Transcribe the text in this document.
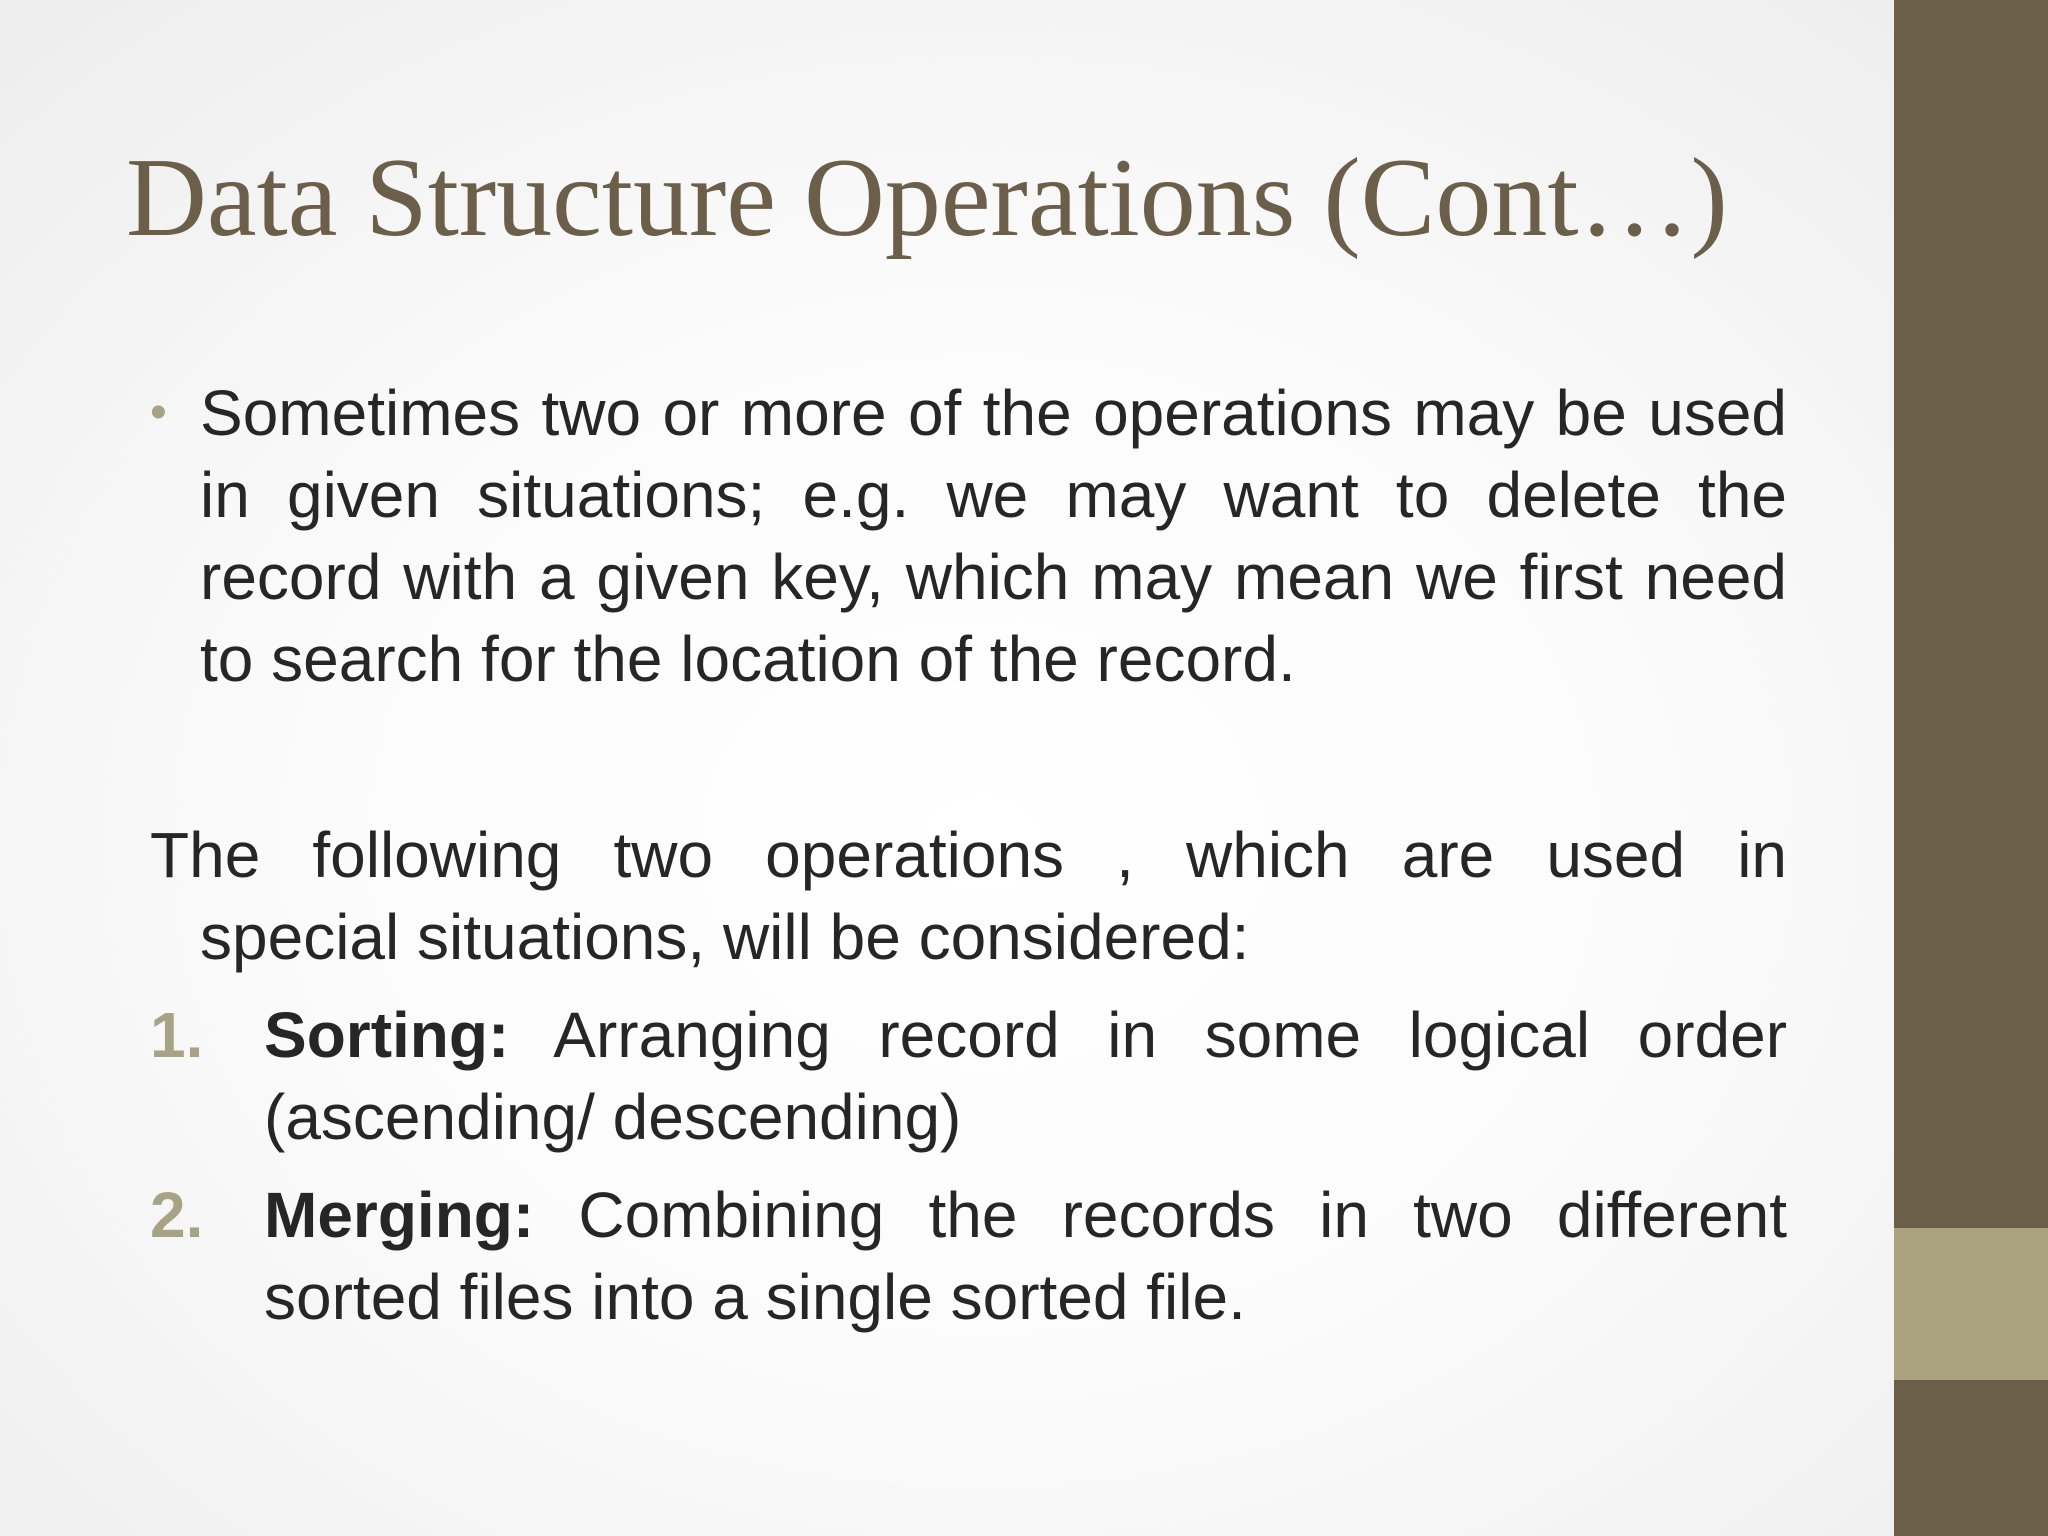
Data Structure Operations (Cont…)
• Sometimes two or more of the operations may be used in given situations; e.g. we may want to delete the record with a given key, which may mean we first need to search for the location of the record.

The following two operations , which are used in
special situations, will be considered:

1. Sorting: Arranging record in some logical order (ascending/ descending)
2. Merging: Combining the records in two different sorted files into a single sorted file.
